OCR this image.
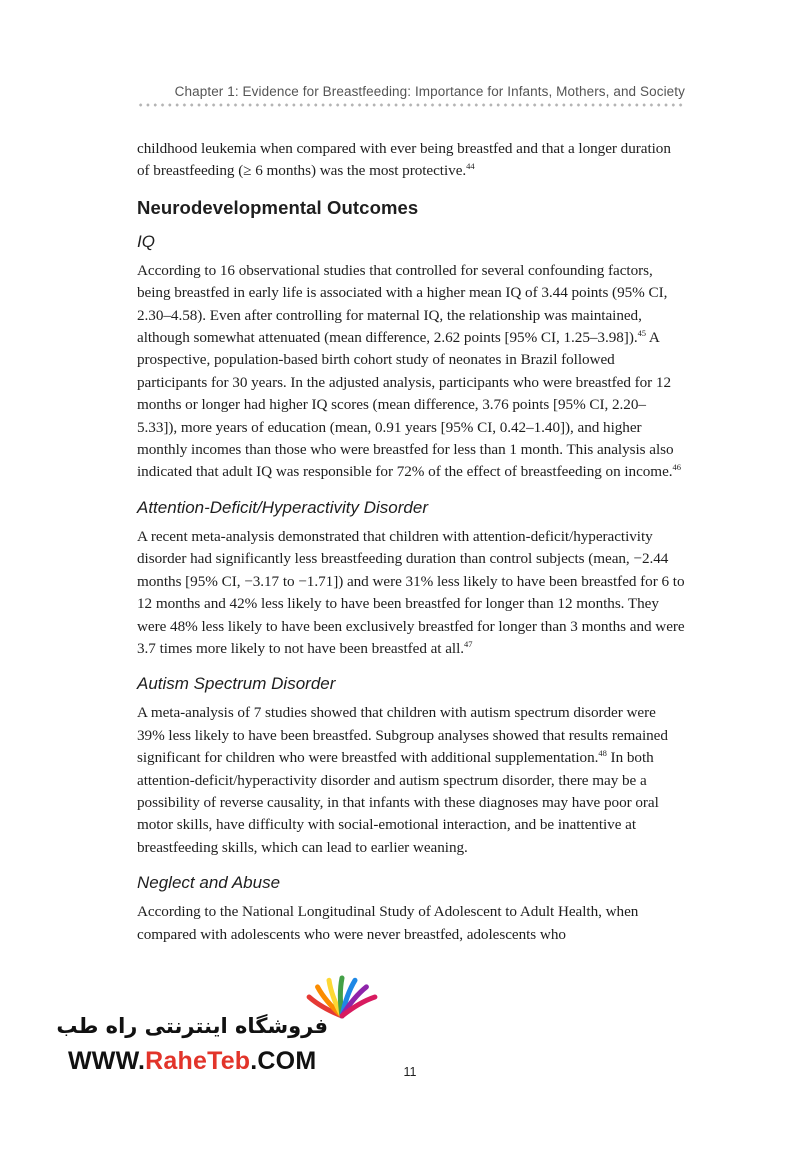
Chapter 1: Evidence for Breastfeeding: Importance for Infants, Mothers, and Society

childhood leukemia when compared with ever being breastfed and that a longer duration of breastfeeding (≥ 6 months) was the most protective.$^{44}$

Neurodevelopmental Outcomes
IQ

According to 16 observational studies that controlled for several confounding factors, being breastfed in early life is associated with a higher mean IQ of 3.44 points (95% CI, 2.30–4.58). Even after controlling for maternal IQ, the relationship was maintained, although somewhat attenuated (mean difference, 2.62 points [95% CI, 1.25–3.98]).$^{45}$ A prospective, population-based birth cohort study of neonates in Brazil followed participants for 30 years. In the adjusted analysis, participants who were breastfed for 12 months or longer had higher IQ scores (mean difference, 3.76 points [95% CI, 2.20–5.33]), more years of education (mean, 0.91 years [95% CI, 0.42–1.40]), and higher monthly incomes than those who were breastfed for less than 1 month. This analysis also indicated that adult IQ was responsible for 72% of the effect of breastfeeding on income.$^{46}$

Attention-Deficit/Hyperactivity Disorder

A recent meta-analysis demonstrated that children with attention-deficit/hyperactivity disorder had significantly less breastfeeding duration than control subjects (mean, −2.44 months [95% CI, −3.17 to −1.71]) and were 31% less likely to have been breastfed for 6 to 12 months and 42% less likely to have been breastfed for longer than 12 months. They were 48% less likely to have been exclusively breastfed for longer than 3 months and were 3.7 times more likely to not have been breastfed at all.$^{47}$

Autism Spectrum Disorder

A meta-analysis of 7 studies showed that children with autism spectrum disorder were 39% less likely to have been breastfed. Subgroup analyses showed that results remained significant for children who were breastfed with additional supplementation.$^{48}$ In both attention-deficit/hyperactivity disorder and autism spectrum disorder, there may be a possibility of reverse causality, in that infants with these diagnoses may have poor oral motor skills, have difficulty with social-emotional interaction, and be inattentive at breastfeeding skills, which can lead to earlier weaning.

Neglect and Abuse

According to the National Longitudinal Study of Adolescent to Adult Health, when compared with adolescents who were never breastfed, adolescents who

11
فروشگاه اینترنتی راه طب
WWW.RaheTeb.COM
